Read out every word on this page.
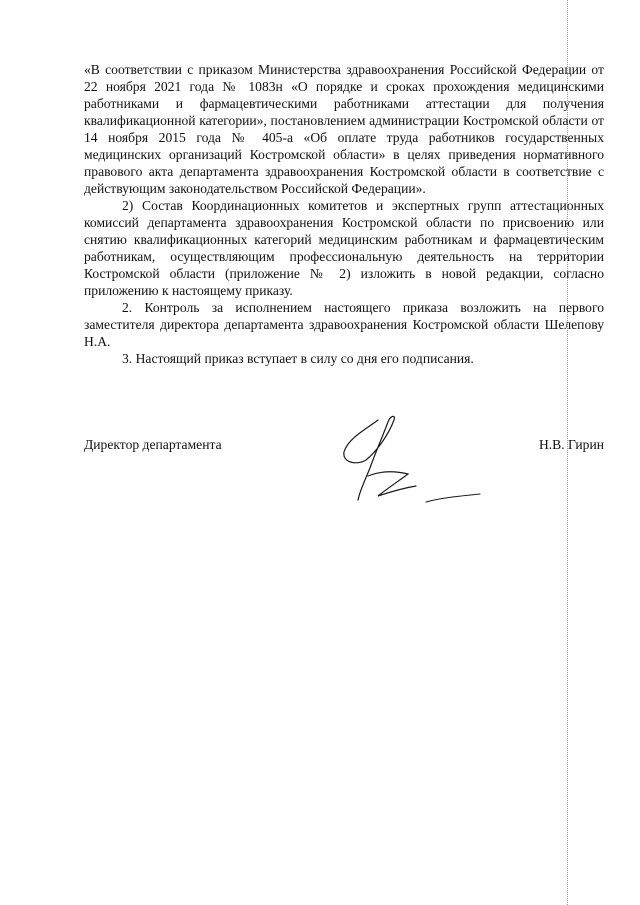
«В соответствии с приказом Министерства здравоохранения Российской Федерации от 22 ноября 2021 года № 1083н «О порядке и сроках прохождения медицинскими работниками и фармацевтическими работниками аттестации для получения квалификационной категории», постановлением администрации Костромской области от 14 ноября 2015 года № 405-а «Об оплате труда работников государственных медицинских организаций Костромской области» в целях приведения нормативного правового акта департамента здравоохранения Костромской области в соответствие с действующим законодательством Российской Федерации».

2) Состав Координационных комитетов и экспертных групп аттестационных комиссий департамента здравоохранения Костромской области по присвоению или снятию квалификационных категорий медицинским работникам и фармацевтическим работникам, осуществляющим профессиональную деятельность на территории Костромской области (приложение № 2) изложить в новой редакции, согласно приложению к настоящему приказу.

2. Контроль за исполнением настоящего приказа возложить на первого заместителя директора департамента здравоохранения Костромской области Шелепову Н.А.

3. Настоящий приказ вступает в силу со дня его подписания.

Директор департамента	Н.В. Гирин
